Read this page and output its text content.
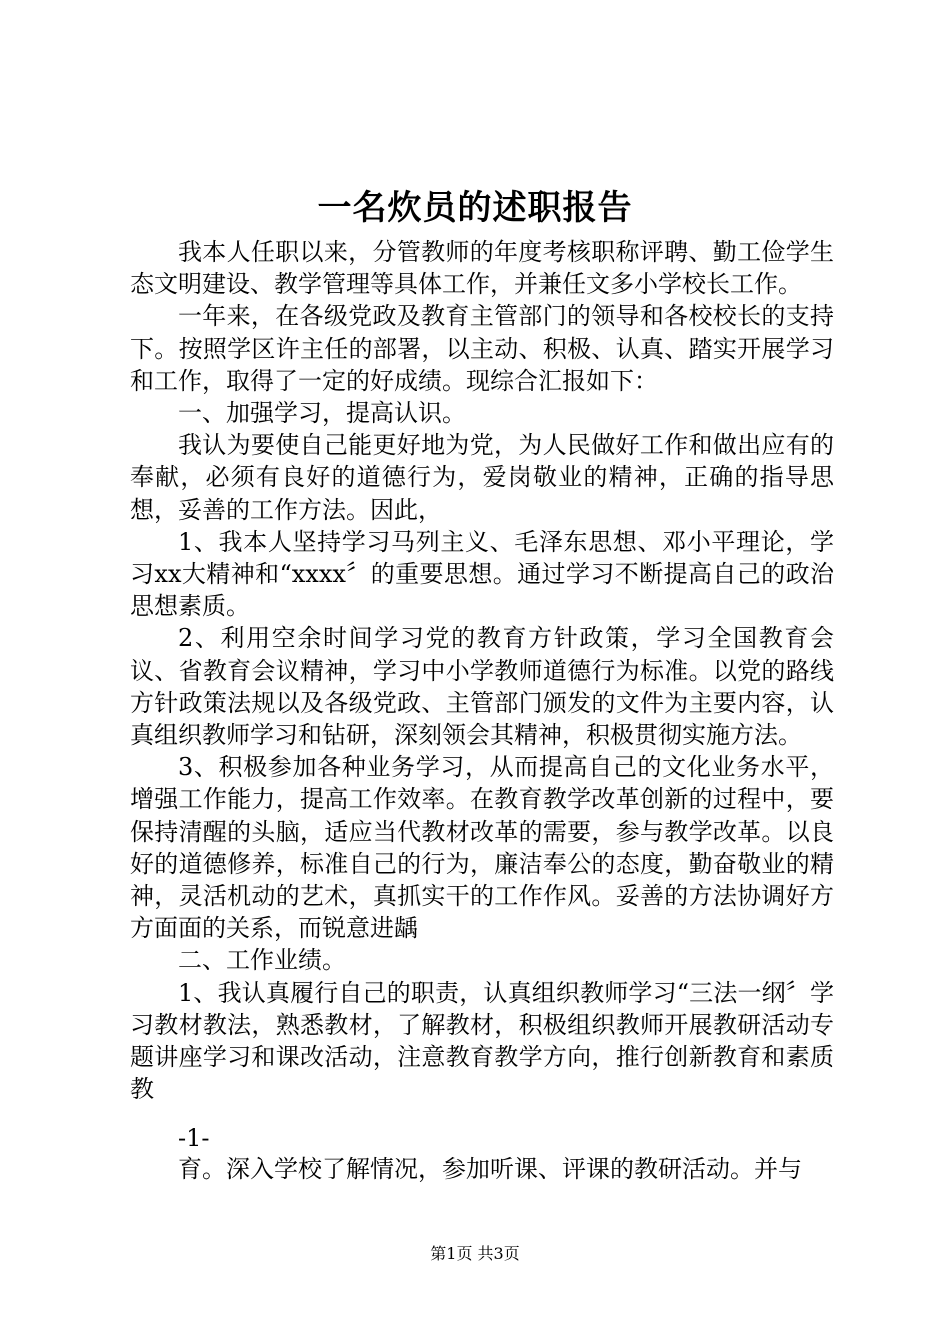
一名炊员的述职报告

我本人任职以来，分管教师的年度考核职称评聘、勤工俭学生态文明建设、教学管理等具体工作，并兼任文多小学校长工作。

一年来，在各级党政及教育主管部门的领导和各校校长的支持下。按照学区许主任的部署，以主动、积极、认真、踏实开展学习和工作，取得了一定的好成绩。现综合汇报如下：

一、加强学习，提高认识。

我认为要使自己能更好地为党，为人民做好工作和做出应有的奉献，必须有良好的道德行为，爱岗敬业的精神，正确的指导思想，妥善的工作方法。因此，

1、我本人坚持学习马列主义、毛泽东思想、邓小平理论，学习xx大精神和“xxxx〞的重要思想。通过学习不断提高自己的政治思想素质。

2、利用空余时间学习党的教育方针政策，学习全国教育会议、省教育会议精神，学习中小学教师道德行为标准。以党的路线方针政策法规以及各级党政、主管部门颁发的文件为主要内容，认真组织教师学习和钻研，深刻领会其精神，积极贯彻实施方法。

3、积极参加各种业务学习，从而提高自己的文化业务水平，增强工作能力，提高工作效率。在教育教学改革创新的过程中，要保持清醒的头脑，适应当代教材改革的需要，参与教学改革。以良好的道德修养，标准自己的行为，廉洁奉公的态度，勤奋敬业的精神，灵活机动的艺术，真抓实干的工作作风。妥善的方法协调好方方面面的关系，而锐意进龋

二、工作业绩。

1、我认真履行自己的职责，认真组织教师学习“三法一纲〞学习教材教法，熟悉教材，了解教材，积极组织教师开展教研活动专题讲座学习和课改活动，注意教育教学方向，推行创新教育和素质教

-1-
育。深入学校了解情况，参加听课、评课的教研活动。并与
第1页 共3页
